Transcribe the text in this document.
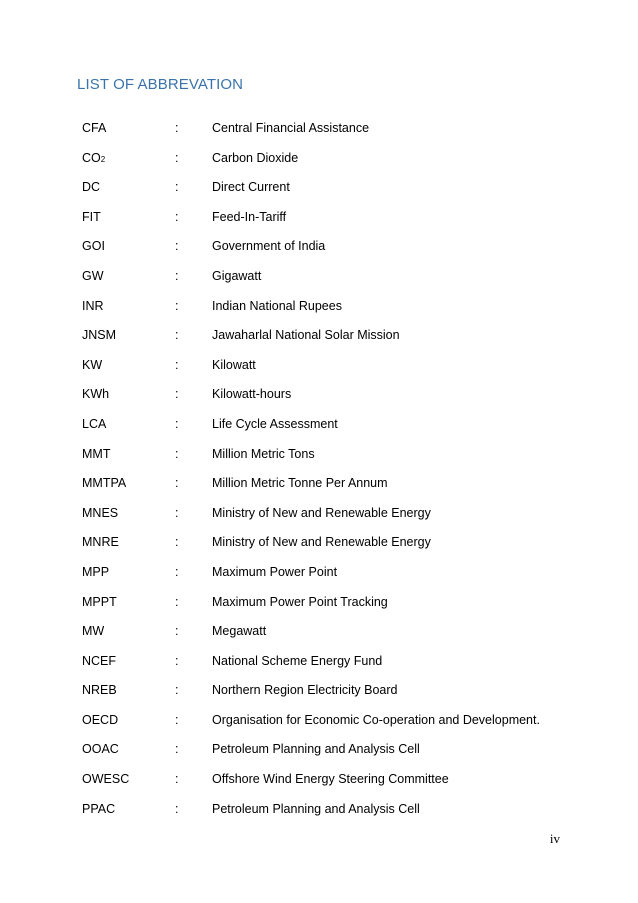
LIST OF ABBREVATION
CFA	:	Central Financial Assistance
CO2	:	Carbon Dioxide
DC	:	Direct Current
FIT	:	Feed-In-Tariff
GOI	:	Government of India
GW	:	Gigawatt
INR	:	Indian National Rupees
JNSM	:	Jawaharlal National Solar Mission
KW	:	Kilowatt
KWh	:	Kilowatt-hours
LCA	:	Life Cycle Assessment
MMT	:	Million Metric Tons
MMTPA	:	Million Metric Tonne Per Annum
MNES	:	Ministry of New and Renewable Energy
MNRE	:	Ministry of New and Renewable Energy
MPP	:	Maximum Power Point
MPPT	:	Maximum Power Point Tracking
MW	:	Megawatt
NCEF	:	National Scheme Energy Fund
NREB	:	Northern Region Electricity Board
OECD	:	Organisation for Economic Co-operation and Development.
OOAC	:	Petroleum Planning and Analysis Cell
OWESC	:	Offshore Wind Energy Steering Committee
PPAC	:	Petroleum Planning and Analysis Cell
iv
